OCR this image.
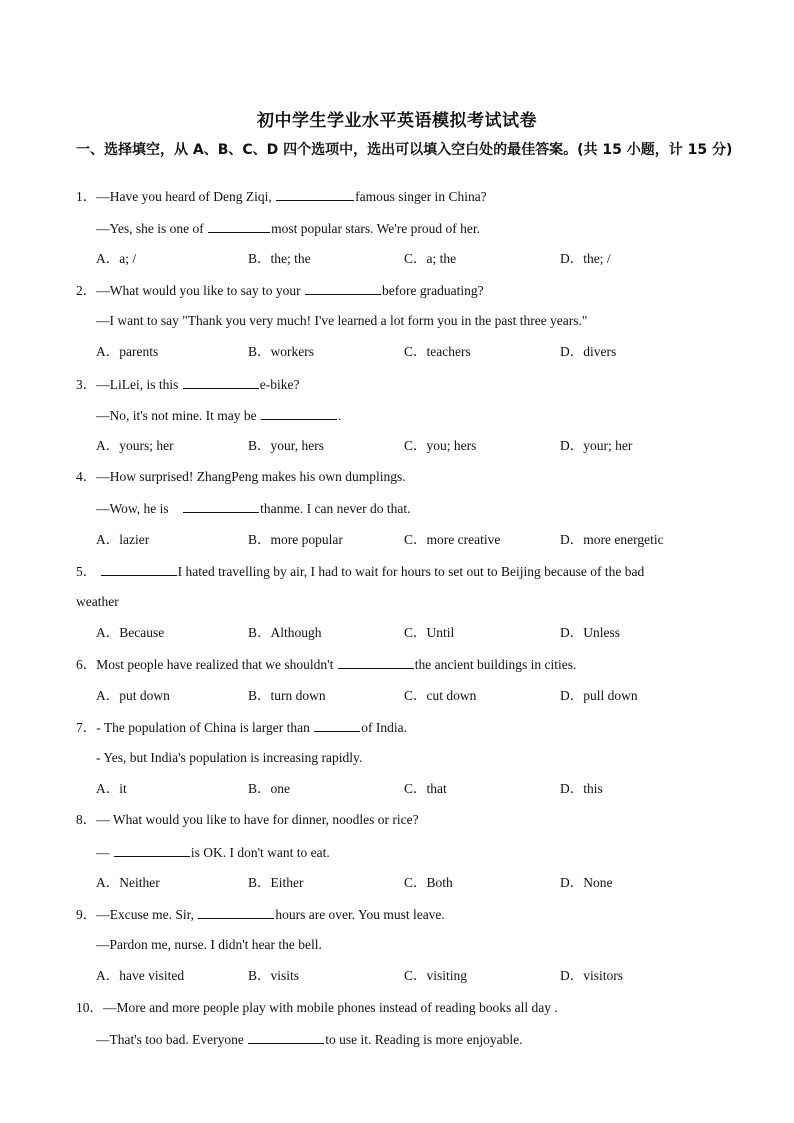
初中学生学业水平英语模拟考试试卷
一、选择填空，从 A、B、C、D 四个选项中，选出可以填入空白处的最佳答案。(共 15 小题，计 15 分)
1．—Have you heard of Deng Ziqi,	famous singer in China?
—Yes, she is one of	most popular stars. We're proud of her.
A．a; /	B．the; the	C．a; the	D．the; /
2．—What would you like to say to your	before graduating?
—I want to say "Thank you very much! I've learned a lot form you in the past three years."
A．parents	B．workers	C．teachers	D．divers
3．—LiLei, is this	e-bike?
—No, it's not mine. It may be	.
A．yours; her	B．your, hers	C．you; hers	D．your; her
4．—How surprised! ZhangPeng makes his own dumplings.
—Wow, he is	thanme. I can never do that.
A．lazier	B．more popular	C．more creative	D．more energetic
5．	I hated travelling by air, I had to wait for hours to set out to Beijing because of the bad
weather
A．Because	B．Although	C．Until	D．Unless
6．Most people have realized that we shouldn't	the ancient buildings in cities.
A．put down	B．turn down	C．cut down	D．pull down
7．- The population of China is larger than	of India.
- Yes, but India's population is increasing rapidly.
A．it	B．one	C．that	D．this
8．— What would you like to have for dinner, noodles or rice?
—	is OK. I don't want to eat.
A．Neither	B．Either	C．Both	D．None
9．—Excuse me. Sir,	hours are over. You must leave.
—Pardon me, nurse. I didn't hear the bell.
A．have visited	B．visits	C．visiting	D．visitors
10．—More and more people play with mobile phones instead of reading books all day .
—That's too bad. Everyone	to use it. Reading is more enjoyable.
